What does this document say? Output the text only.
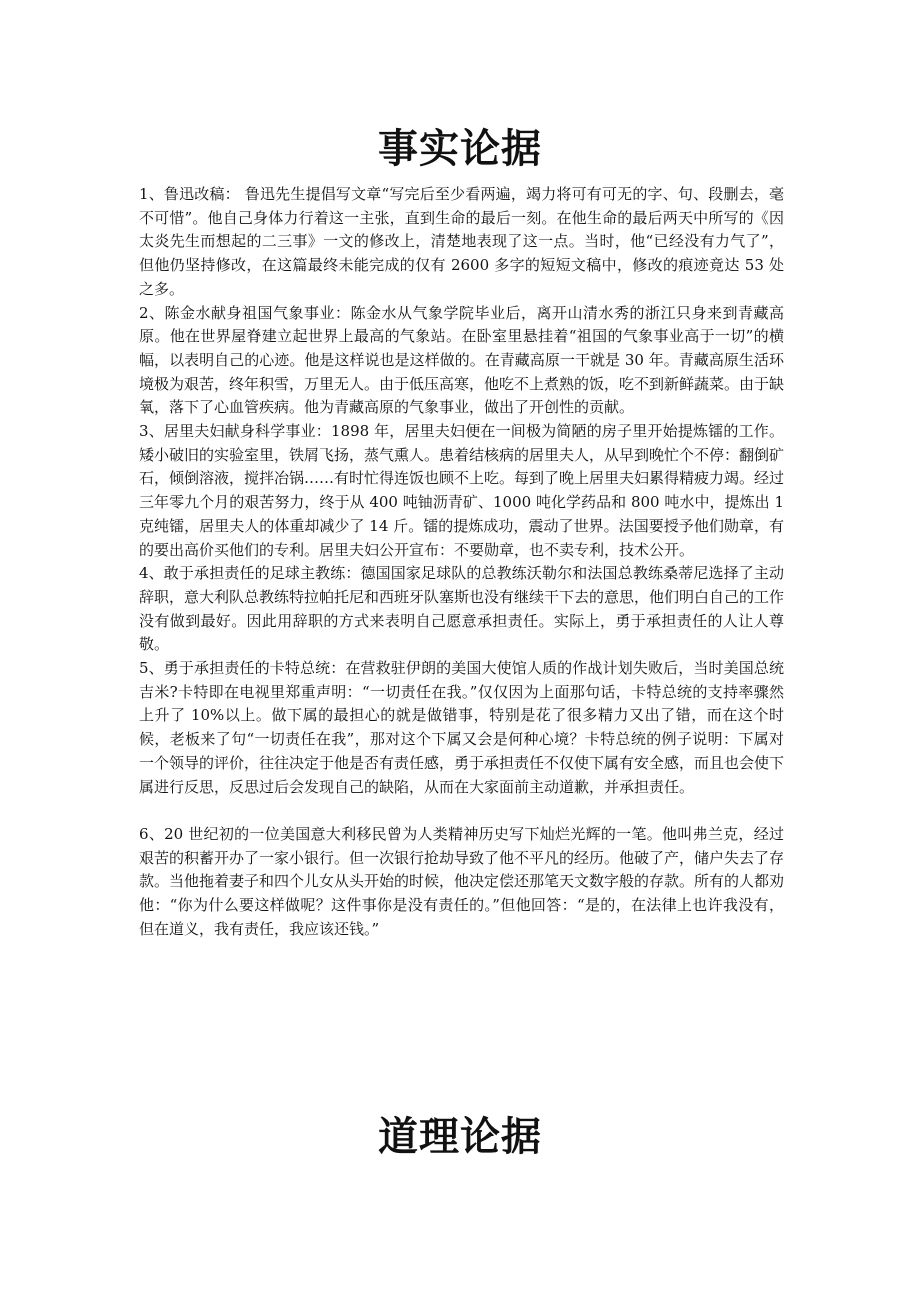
事实论据

1、鲁迅改稿： 鲁迅先生提倡写文章“写完后至少看两遍，竭力将可有可无的字、句、段删去，毫不可惜”。他自己身体力行着这一主张，直到生命的最后一刻。在他生命的最后两天中所写的《因太炎先生而想起的二三事》一文的修改上，清楚地表现了这一点。当时，他“已经没有力气了”，但他仍坚持修改，在这篇最终未能完成的仅有 2600 多字的短短文稿中，修改的痕迹竟达 53 处之多。

2、陈金水献身祖国气象事业：陈金水从气象学院毕业后，离开山清水秀的浙江只身来到青藏高原。他在世界屋脊建立起世界上最高的气象站。在卧室里悬挂着“祖国的气象事业高于一切”的横幅，以表明自己的心迹。他是这样说也是这样做的。在青藏高原一干就是 30 年。青藏高原生活环境极为艰苦，终年积雪，万里无人。由于低压高寒，他吃不上煮熟的饭，吃不到新鲜蔬菜。由于缺氧，落下了心血管疾病。他为青藏高原的气象事业，做出了开创性的贡献。

3、居里夫妇献身科学事业：1898 年，居里夫妇便在一间极为简陋的房子里开始提炼镭的工作。矮小破旧的实验室里，铁屑飞扬，蒸气熏人。患着结核病的居里夫人，从早到晚忙个不停：翻倒矿石，倾倒溶液，搅拌冶锅……有时忙得连饭也顾不上吃。每到了晚上居里夫妇累得精疲力竭。经过三年零九个月的艰苦努力，终于从 400 吨铀沥青矿、1000 吨化学药品和 800 吨水中，提炼出 1 克纯镭，居里夫人的体重却减少了 14 斤。镭的提炼成功，震动了世界。法国要授予他们勋章，有的要出高价买他们的专利。居里夫妇公开宣布：不要勋章，也不卖专利，技术公开。

4、敢于承担责任的足球主教练：德国国家足球队的总教练沃勒尔和法国总教练桑蒂尼选择了主动辞职，意大利队总教练特拉帕托尼和西班牙队塞斯也没有继续干下去的意思，他们明白自己的工作没有做到最好。因此用辞职的方式来表明自己愿意承担责任。实际上，勇于承担责任的人让人尊敬。

5、勇于承担责任的卡特总统：在营救驻伊朗的美国大使馆人质的作战计划失败后，当时美国总统吉米?卡特即在电视里郑重声明：“一切责任在我。”仅仅因为上面那句话，卡特总统的支持率骤然上升了 10%以上。做下属的最担心的就是做错事，特别是花了很多精力又出了错，而在这个时候，老板来了句“一切责任在我”，那对这个下属又会是何种心境？卡特总统的例子说明：下属对一个领导的评价，往往决定于他是否有责任感，勇于承担责任不仅使下属有安全感，而且也会使下属进行反思，反思过后会发现自己的缺陷，从而在大家面前主动道歉，并承担责任。

6、20 世纪初的一位美国意大利移民曾为人类精神历史写下灿烂光辉的一笔。他叫弗兰克，经过艰苦的积蓄开办了一家小银行。但一次银行抢劫导致了他不平凡的经历。他破了产，储户失去了存款。当他拖着妻子和四个儿女从头开始的时候，他决定偿还那笔天文数字般的存款。所有的人都劝他：“你为什么要这样做呢？这件事你是没有责任的。”但他回答：“是的，在法律上也许我没有，但在道义，我有责任，我应该还钱。”

道理论据
